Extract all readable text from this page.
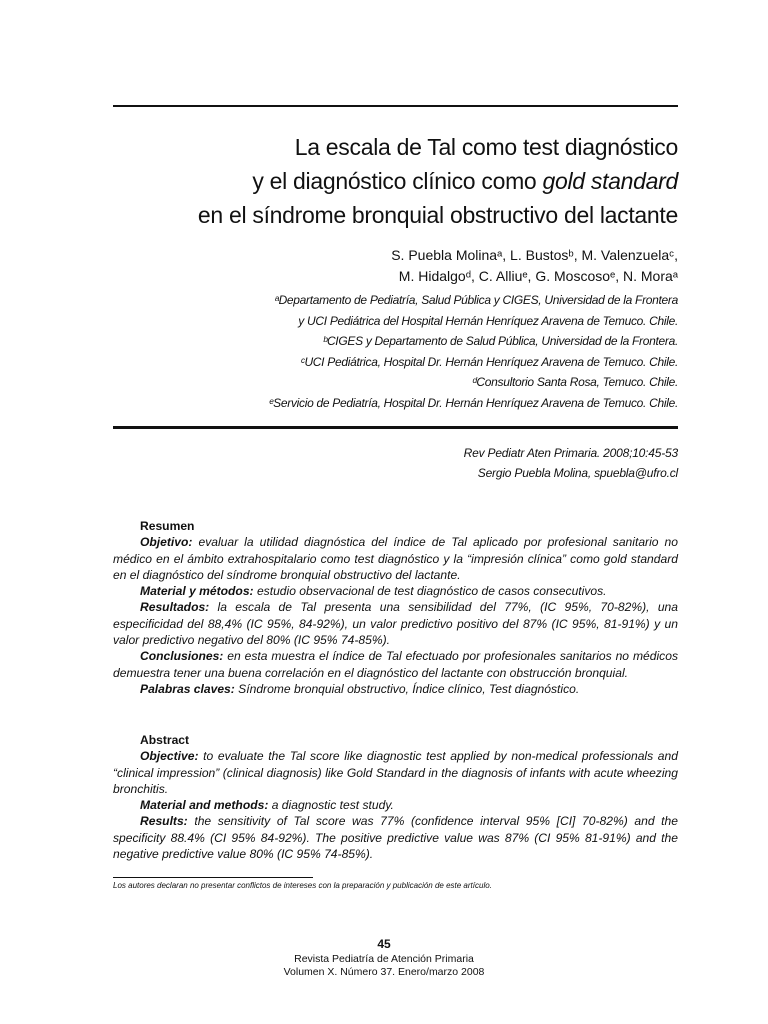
La escala de Tal como test diagnóstico
y el diagnóstico clínico como gold standard
en el síndrome bronquial obstructivo del lactante
S. Puebla Molinaᵃ, L. Bustosᵇ, M. Valenzuelaᶜ,
M. Hidalgoᵈ, C. Alliuᵉ, G. Moscosoᵉ, N. Moraᵃ
ᵃDepartamento de Pediatría, Salud Pública y CIGES, Universidad de la Frontera
y UCI Pediátrica del Hospital Hernán Henríquez Aravena de Temuco. Chile.
ᵇCIGES y Departamento de Salud Pública, Universidad de la Frontera.
ᶜUCI Pediátrica, Hospital Dr. Hernán Henríquez Aravena de Temuco. Chile.
ᵈConsultorio Santa Rosa, Temuco. Chile.
ᵉServicio de Pediatría, Hospital Dr. Hernán Henríquez Aravena de Temuco. Chile.
Rev Pediatr Aten Primaria. 2008;10:45-53
Sergio Puebla Molina, spuebla@ufro.cl

Resumen

Objetivo: evaluar la utilidad diagnóstica del índice de Tal aplicado por profesional sanitario no médico en el ámbito extrahospitalario como test diagnóstico y la “impresión clínica” como gold standard en el diagnóstico del síndrome bronquial obstructivo del lactante.

Material y métodos: estudio observacional de test diagnóstico de casos consecutivos.

Resultados: la escala de Tal presenta una sensibilidad del 77%, (IC 95%, 70-82%), una especificidad del 88,4% (IC 95%, 84-92%), un valor predictivo positivo del 87% (IC 95%, 81-91%) y un valor predictivo negativo del 80% (IC 95% 74-85%).

Conclusiones: en esta muestra el índice de Tal efectuado por profesionales sanitarios no médicos demuestra tener una buena correlación en el diagnóstico del lactante con obstrucción bronquial.

Palabras claves: Síndrome bronquial obstructivo, Índice clínico, Test diagnóstico.

Abstract

Objective: to evaluate the Tal score like diagnostic test applied by non-medical professionals and “clinical impression” (clinical diagnosis) like Gold Standard in the diagnosis of infants with acute wheezing bronchitis.

Material and methods: a diagnostic test study.

Results: the sensitivity of Tal score was 77% (confidence interval 95% [CI] 70-82%) and the specificity 88.4% (CI 95% 84-92%). The positive predictive value was 87% (CI 95% 81-91%) and the negative predictive value 80% (IC 95% 74-85%).

Los autores declaran no presentar conflictos de intereses con la preparación y publicación de este artículo.
45
Revista Pediatría de Atención Primaria
Volumen X. Número 37. Enero/marzo 2008
